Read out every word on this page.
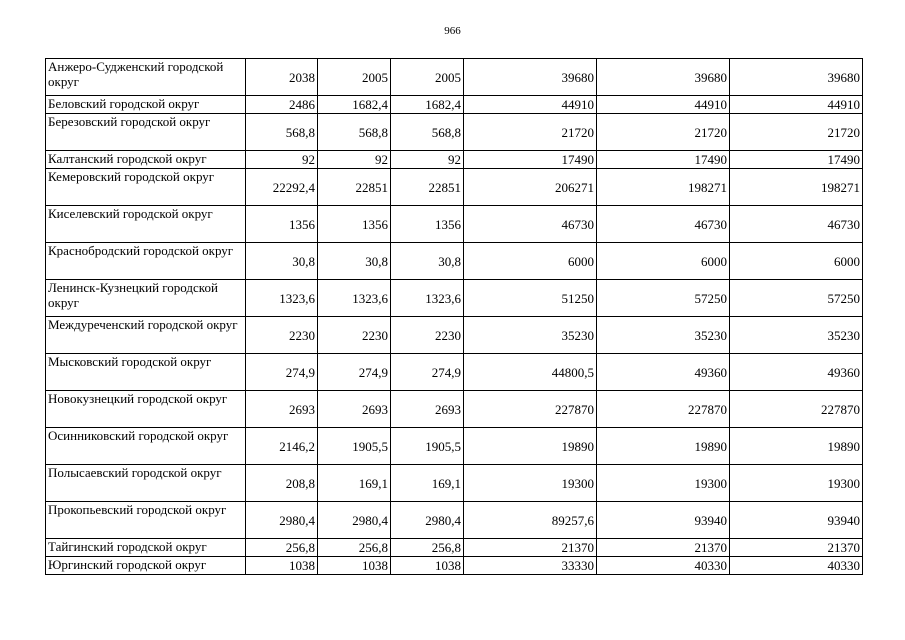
966
Анжеро-Судженский городской округ	2038	2005	2005	39680	39680	39680
Беловский городской округ	2486	1682,4	1682,4	44910	44910	44910
Березовский городской округ	568,8	568,8	568,8	21720	21720	21720
Калтанский городской округ	92	92	92	17490	17490	17490
Кемеровский городской округ	22292,4	22851	22851	206271	198271	198271
Киселевский городской округ	1356	1356	1356	46730	46730	46730
Краснобродский городской округ	30,8	30,8	30,8	6000	6000	6000
Ленинск-Кузнецкий городской округ	1323,6	1323,6	1323,6	51250	57250	57250
Междуреченский городской округ	2230	2230	2230	35230	35230	35230
Мысковский городской округ	274,9	274,9	274,9	44800,5	49360	49360
Новокузнецкий городской округ	2693	2693	2693	227870	227870	227870
Осинниковский городской округ	2146,2	1905,5	1905,5	19890	19890	19890
Полысаевский городской округ	208,8	169,1	169,1	19300	19300	19300
Прокопьевский городской округ	2980,4	2980,4	2980,4	89257,6	93940	93940
Тайгинский городской округ	256,8	256,8	256,8	21370	21370	21370
Юргинский городской округ	1038	1038	1038	33330	40330	40330
